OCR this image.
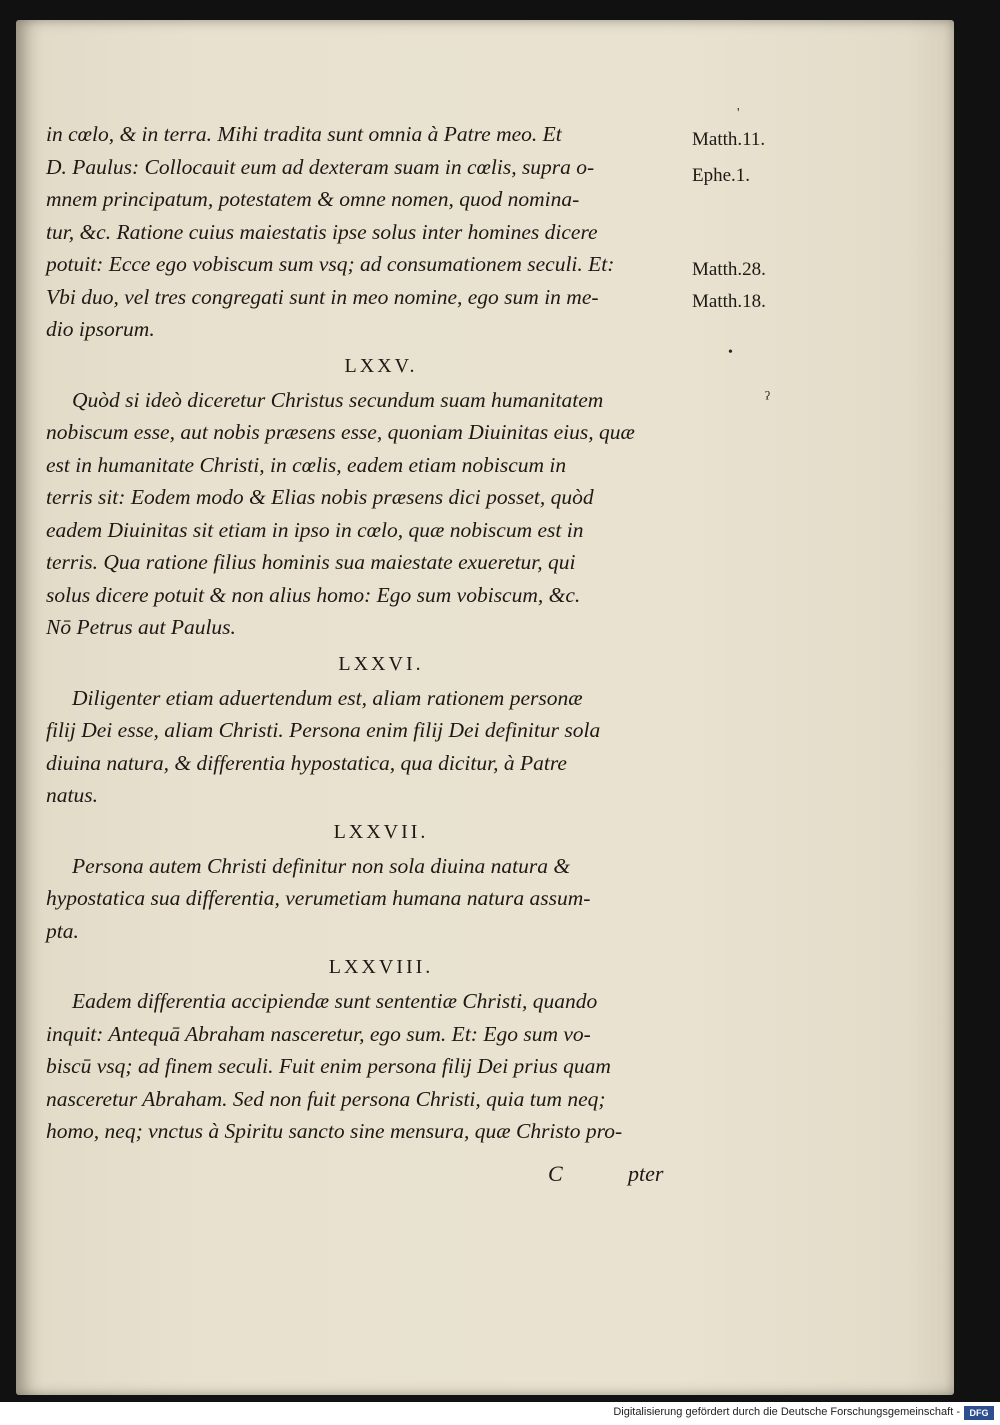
'
•
ˀ

in cœlo, & in terra. Mihi tradita sunt omnia à Patre meo. Et
D. Paulus: Collocauit eum ad dexteram suam in cœlis, supra o-
mnem principatum, potestatem & omne nomen, quod nomina-
tur, &c. Ratione cuius maiestatis ipse solus inter homines dicere
potuit: Ecce ego vobiscum sum vsq; ad consumationem seculi. Et:
Vbi duo, vel tres congregati sunt in meo nomine, ego sum in me-
dio ipsorum.

LXXV.

Quòd si ideò diceretur Christus secundum suam humanitatem
nobiscum esse, aut nobis præsens esse, quoniam Diuinitas eius, quæ
est in humanitate Christi, in cœlis, eadem etiam nobiscum in
terris sit: Eodem modo & Elias nobis præsens dici posset, quòd
eadem Diuinitas sit etiam in ipso in cœlo, quæ nobiscum est in
terris. Qua ratione filius hominis sua maiestate exueretur, qui
solus dicere potuit & non alius homo: Ego sum vobiscum, &c.
Nō Petrus aut Paulus.

LXXVI.

Diligenter etiam aduertendum est, aliam rationem personæ
filij Dei esse, aliam Christi. Persona enim filij Dei definitur sola
diuina natura, & differentia hypostatica, qua dicitur, à Patre
natus.

LXXVII.

Persona autem Christi definitur non sola diuina natura &
hypostatica sua differentia, verumetiam humana natura assum-
pta.

LXXVIII.

Eadem differentia accipiendæ sunt sententiæ Christi, quando
inquit: Antequā Abraham nasceretur, ego sum. Et: Ego sum vo-
biscū vsq; ad finem seculi. Fuit enim persona filij Dei prius quam
nasceretur Abraham. Sed non fuit persona Christi, quia tum neq;
homo, neq; vnctus à Spiritu sancto sine mensura, quæ Christo pro-

C	pter
Matth.11.
Ephe.1.
Matth.28.
Matth.18.
Digitalisierung gefördert durch die Deutsche Forschungsgemeinschaft -	DFG
